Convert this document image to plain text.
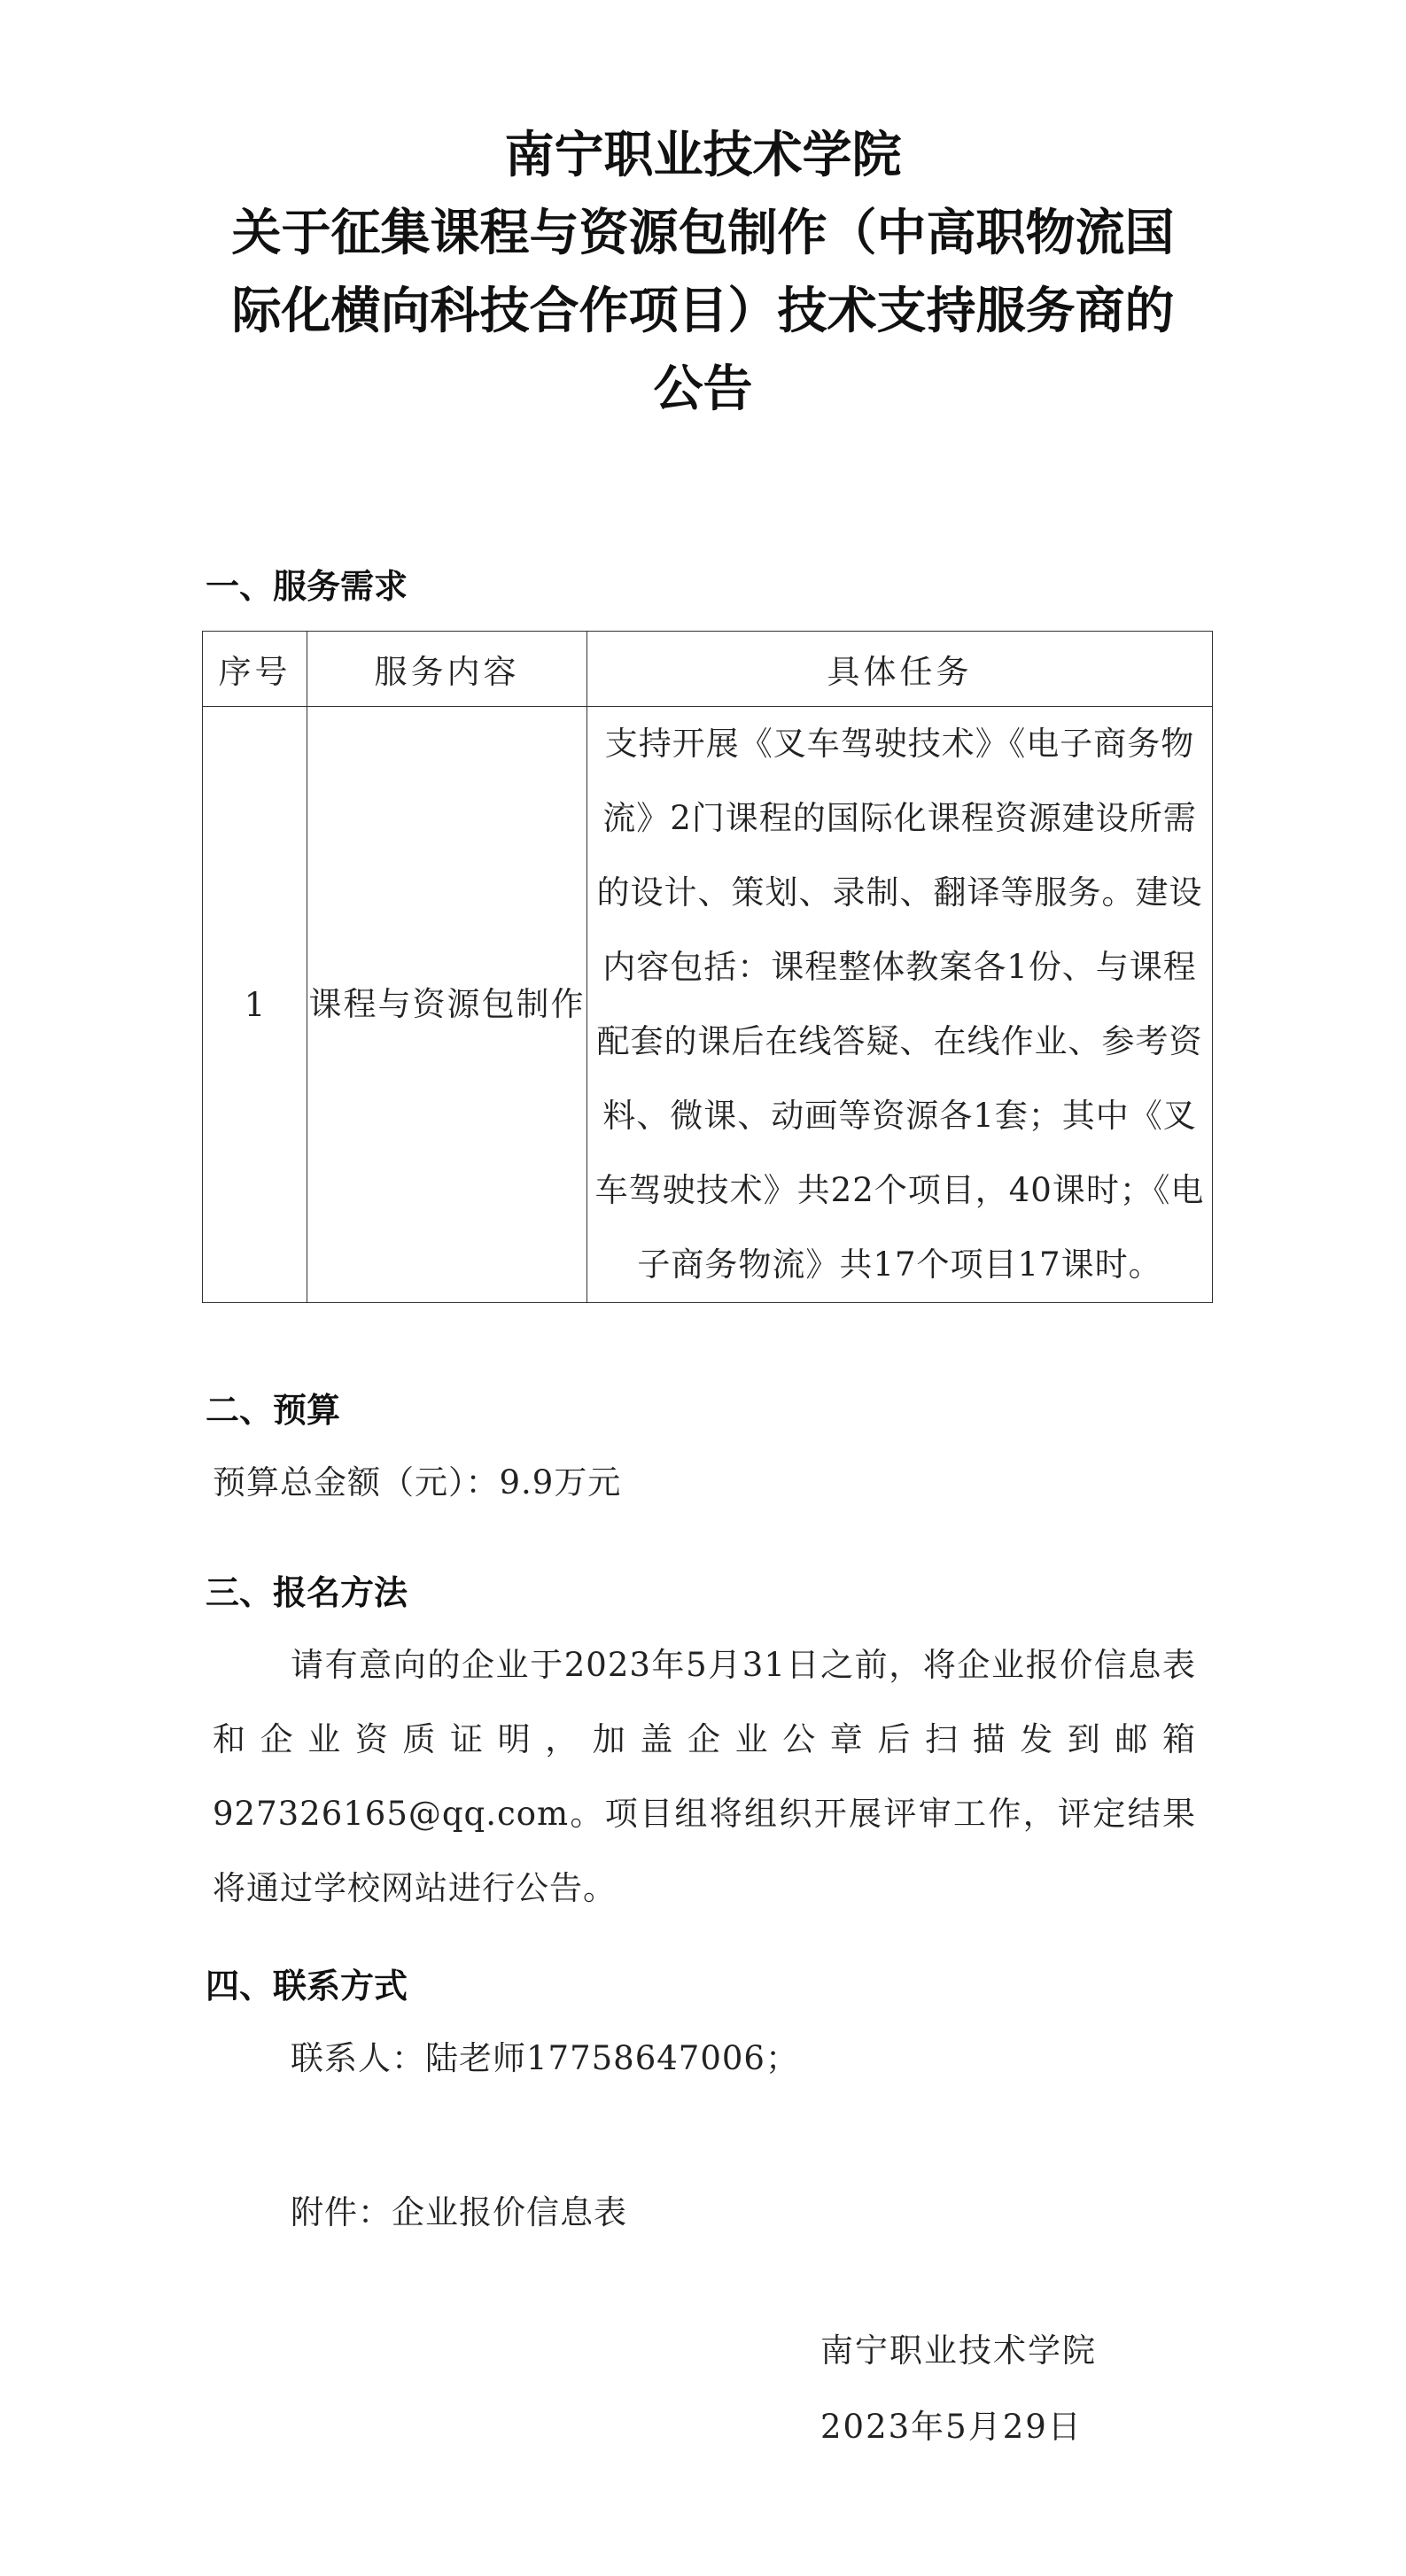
南宁职业技术学院
关于征集课程与资源包制作（中高职物流国
际化横向科技合作项目）技术支持服务商的
公告
一、服务需求
序号	服务内容	具体任务
1	课程与资源包制作	支持开展《叉车驾驶技术》《电子商务物流》2门课程的国际化课程资源建设所需的设计、策划、录制、翻译等服务。建设内容包括：课程整体教案各1份、与课程配套的课后在线答疑、在线作业、参考资料、微课、动画等资源各1套；其中《叉车驾驶技术》共22个项目，40课时；《电子商务物流》共17个项目17课时。
二、预算
预算总金额（元）：9.9万元
三、报名方法
请有意向的企业于2023年5月31日之前，将企业报价信息表和企业资质证明，加盖企业公章后扫描发到邮箱927326165@qq.com。项目组将组织开展评审工作，评定结果将通过学校网站进行公告。
四、联系方式
联系人：陆老师17758647006；
附件：企业报价信息表
南宁职业技术学院
2023年5月29日
